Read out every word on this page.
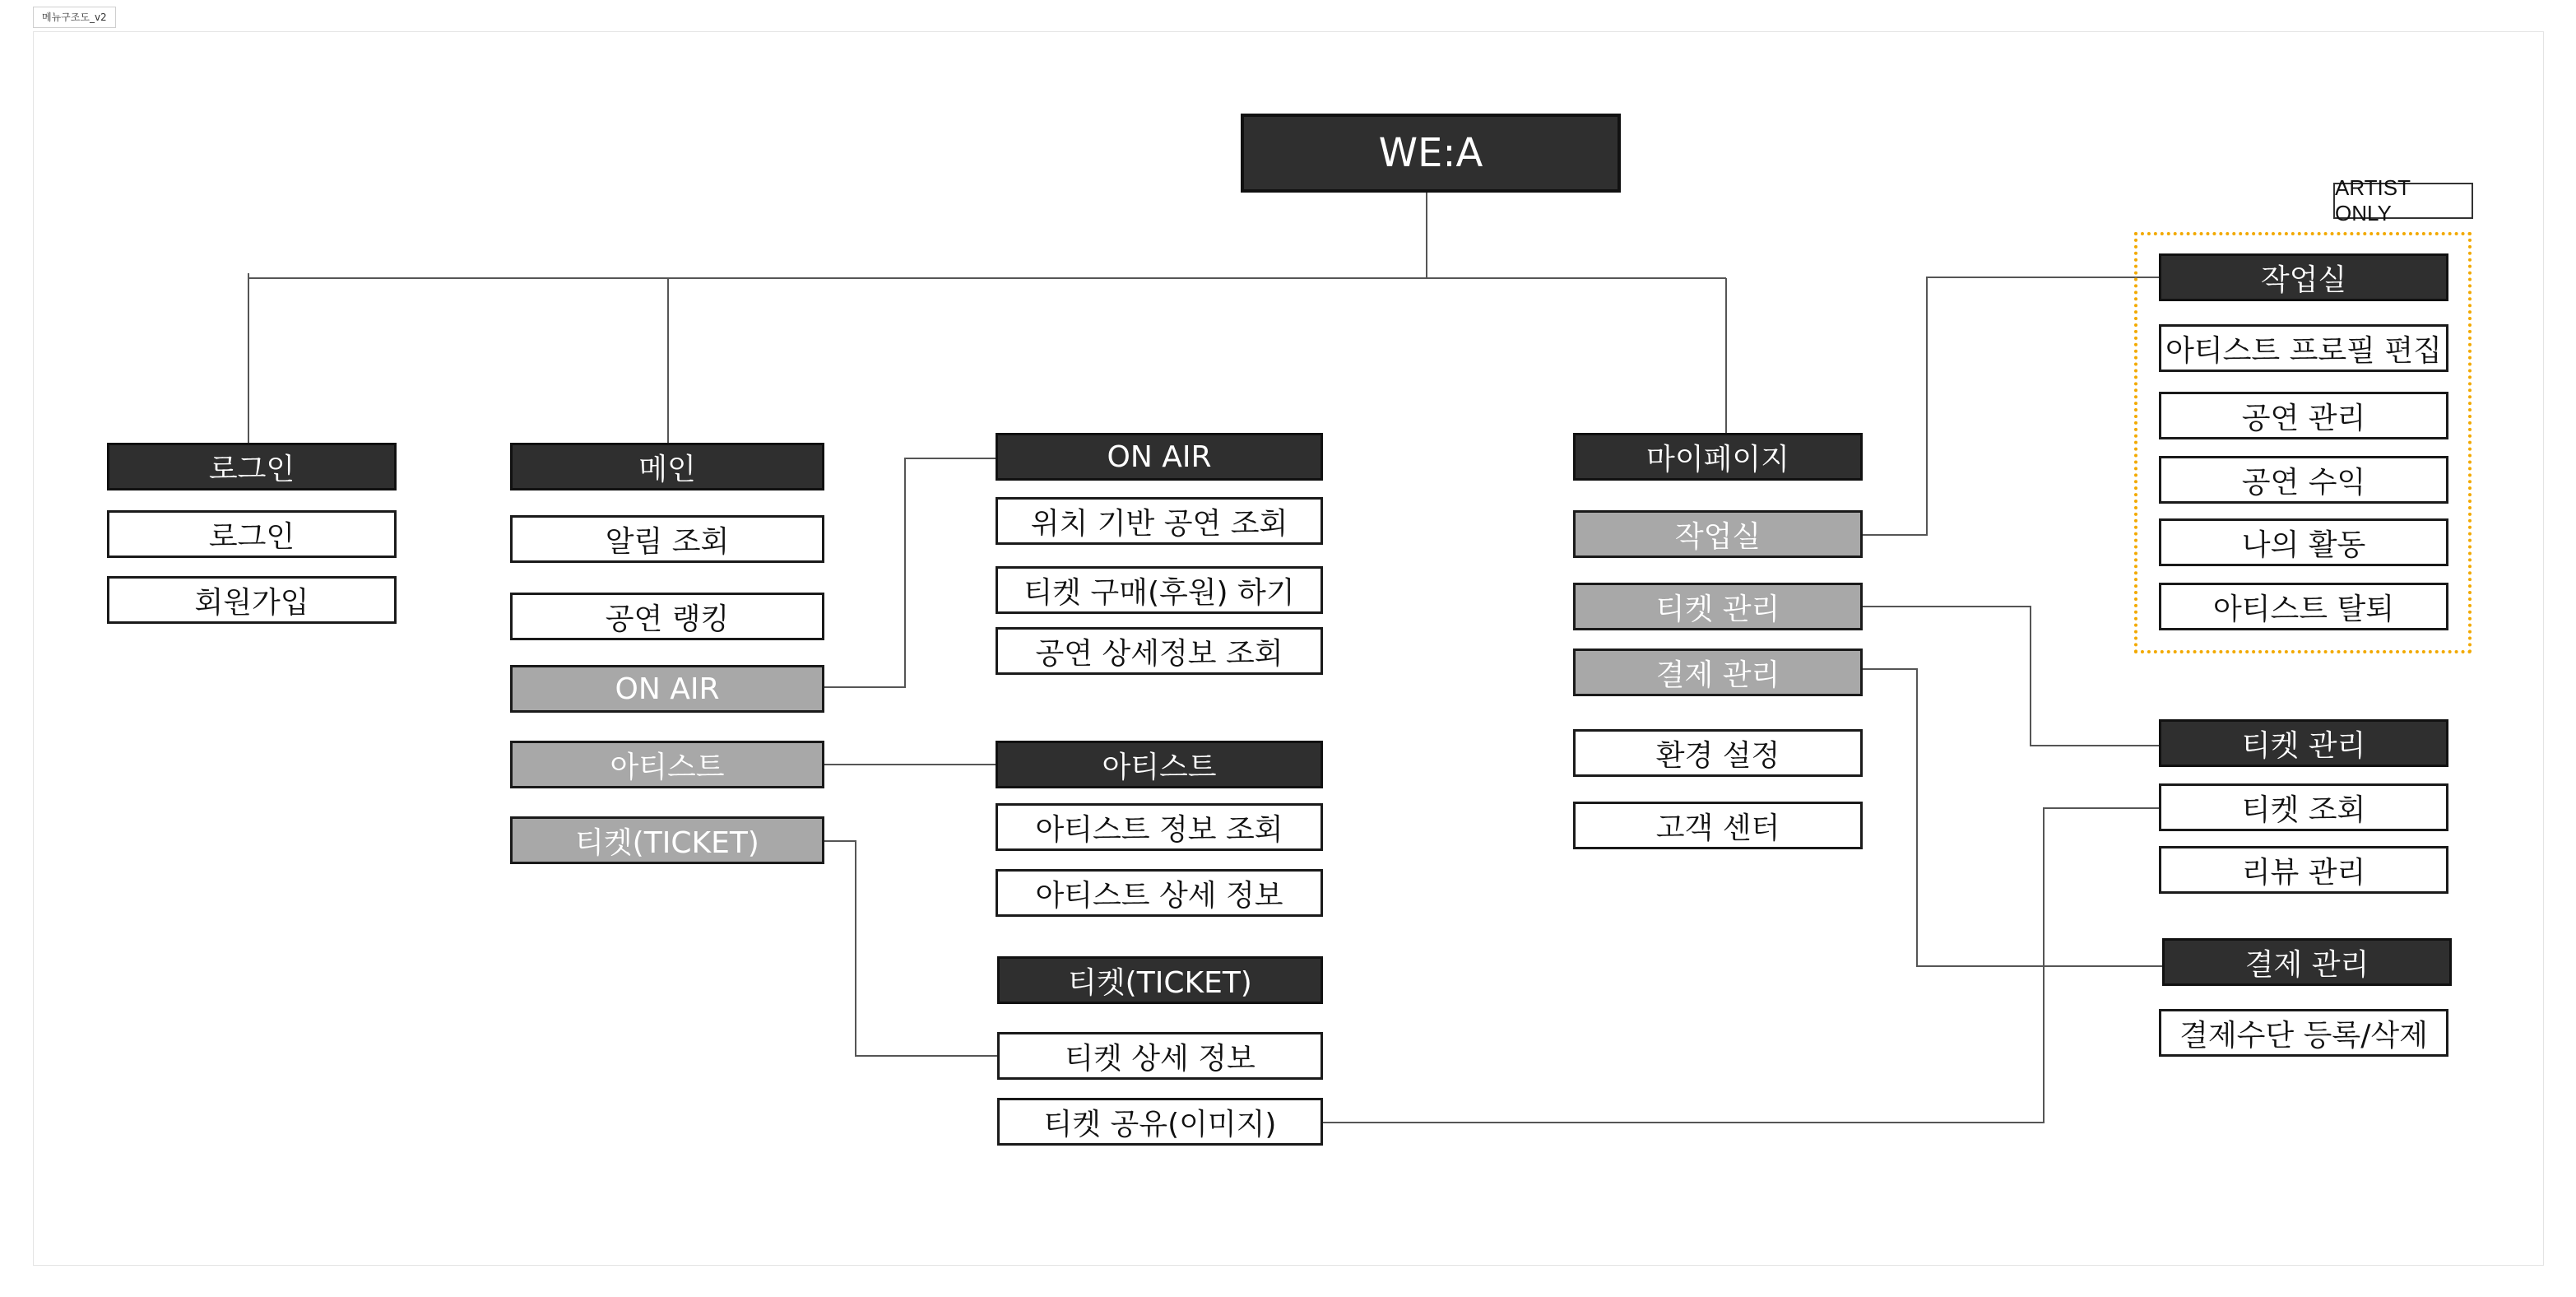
메뉴구조도_v2
WE:A
로그인
로그인
회원가입
메인
알림 조회
공연 랭킹
ON AIR
아티스트
티켓(TICKET)
ON AIR
위치 기반 공연 조회
티켓 구매(후원) 하기
공연 상세정보 조회
아티스트
아티스트 정보 조회
아티스트 상세 정보
티켓(TICKET)
티켓 상세 정보
티켓 공유(이미지)
마이페이지
작업실
티켓 관리
결제 관리
환경 설정
고객 센터
ARTIST ONLY
작업실
아티스트 프로필 편집
공연 관리
공연 수익
나의 활동
아티스트 탈퇴
티켓 관리
티켓 조회
리뷰 관리
결제 관리
결제수단 등록/삭제
